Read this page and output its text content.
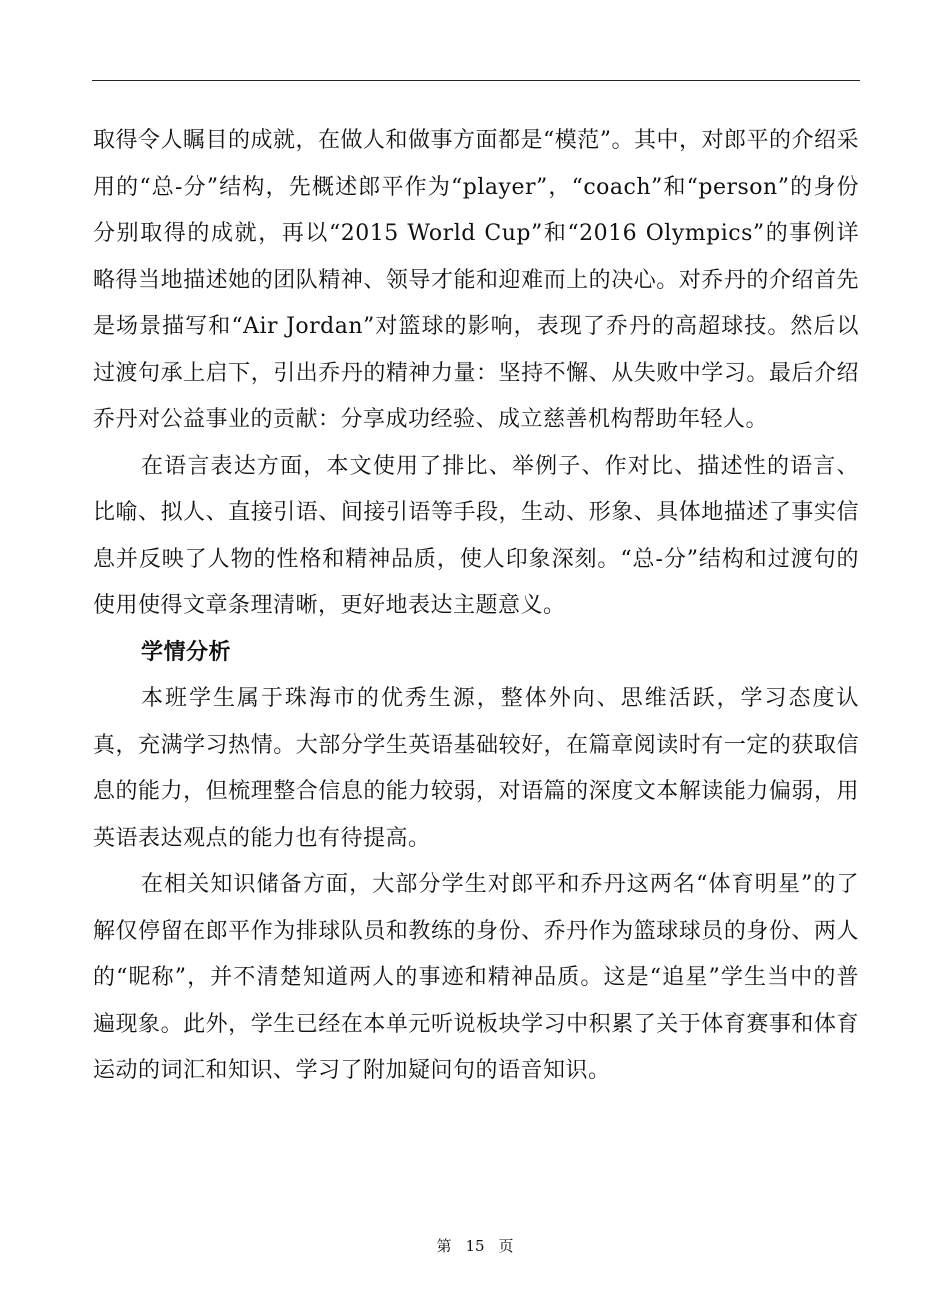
取得令人瞩目的成就，在做人和做事方面都是“模范”。其中，对郎平的介绍采用的“总-分”结构，先概述郎平作为“player”，“coach”和“person”的身份分别取得的成就，再以“2015 World Cup”和“2016 Olympics”的事例详略得当地描述她的团队精神、领导才能和迎难而上的决心。对乔丹的介绍首先是场景描写和“Air Jordan”对篮球的影响，表现了乔丹的高超球技。然后以过渡句承上启下，引出乔丹的精神力量：坚持不懈、从失败中学习。最后介绍乔丹对公益事业的贡献：分享成功经验、成立慈善机构帮助年轻人。

在语言表达方面，本文使用了排比、举例子、作对比、描述性的语言、比喻、拟人、直接引语、间接引语等手段，生动、形象、具体地描述了事实信息并反映了人物的性格和精神品质，使人印象深刻。“总-分”结构和过渡句的使用使得文章条理清晰，更好地表达主题意义。

学情分析

本班学生属于珠海市的优秀生源，整体外向、思维活跃，学习态度认真，充满学习热情。大部分学生英语基础较好，在篇章阅读时有一定的获取信息的能力，但梳理整合信息的能力较弱，对语篇的深度文本解读能力偏弱，用英语表达观点的能力也有待提高。

在相关知识储备方面，大部分学生对郎平和乔丹这两名“体育明星”的了解仅停留在郎平作为排球队员和教练的身份、乔丹作为篮球球员的身份、两人的“昵称”，并不清楚知道两人的事迹和精神品质。这是“追星”学生当中的普遍现象。此外，学生已经在本单元听说板块学习中积累了关于体育赛事和体育运动的词汇和知识、学习了附加疑问句的语音知识。

第 15 页
